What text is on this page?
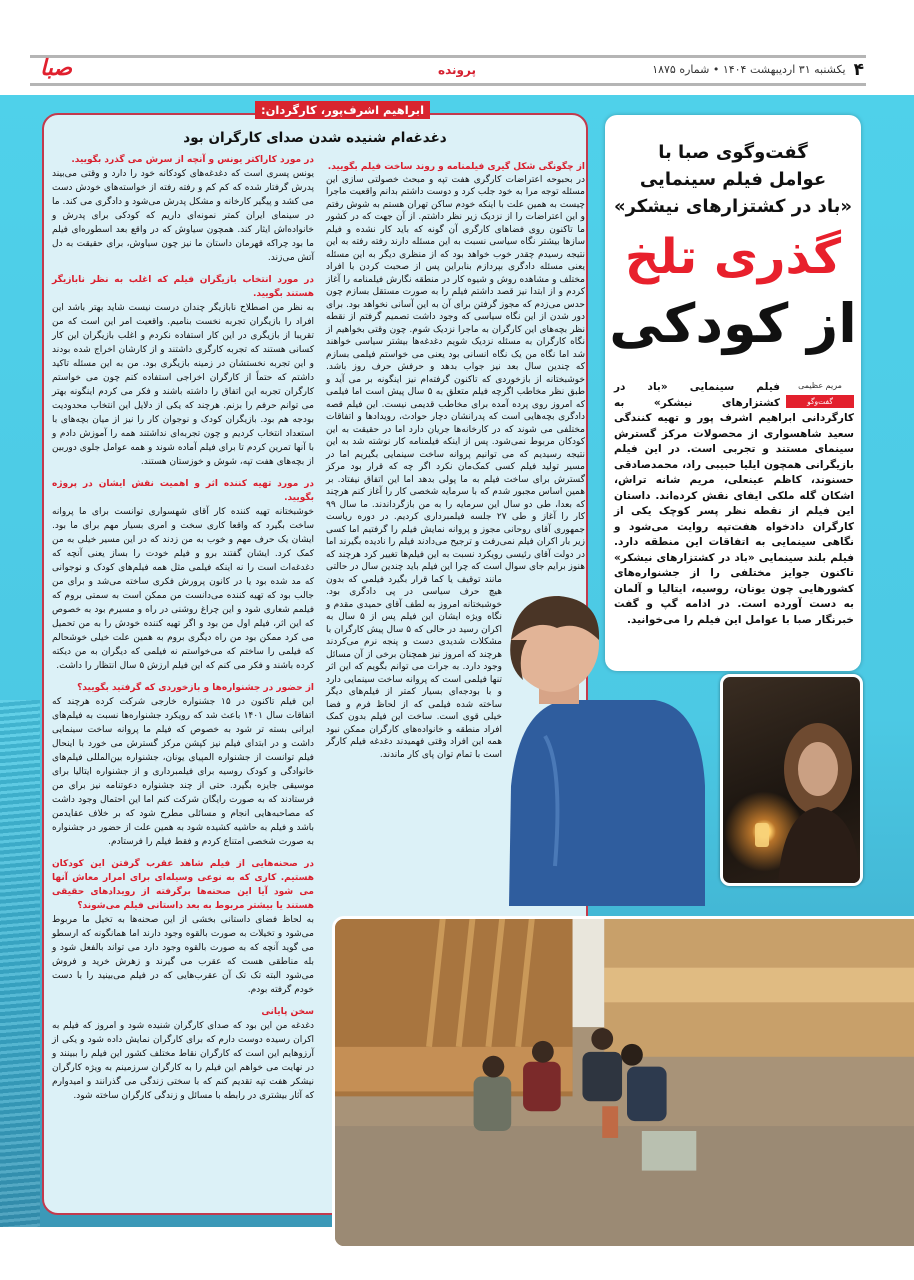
۴
یکشنبه ۳۱ اردیبهشت ۱۴۰۴ • شماره ۱۸۷۵
پرونده
صبا
ابراهیم اشرف‌پور، کارگردان:
دغدغه‌ام شنیده شدن صدای کارگران بود
در مورد کاراکتر یونس و آنچه از سرش می گذرد بگویید.
یونس پسری است که دغدغه‌های کودکانه خود را دارد و وقتی می‌بیند پدرش گرفتار شده که کم کم و رفته رفته از خواسته‌های خودش دست می کشد و پیگیر کارخانه و مشکل پدرش می‌شود و دادگری می کند. ما در سینمای ایران کمتر نمونه‌ای داریم که کودکی برای پدرش و خانواده‌اش ایثار کند. همچون سیاوش که در واقع بعد اسطوره‌ای فیلم ما بود چراکه قهرمان داستان ما نیز چون سیاوش، برای حقیقت به دل آتش می‌زند.
در مورد انتخاب بازیگران فیلم که اغلب به نظر نابازیگر هستند بگویید.
به نظر من اصطلاح نابازیگر چندان درست نیست شاید بهتر باشد این افراد را بازیگران تجربه نخست بنامیم. واقعیت امر این است که من تقریبا از بازیگری در این کار استفاده نکردم و اغلب بازیگران این کار کسانی هستند که تجربه کارگری داشتند و از کارشان اخراج شده بودند و این تجربه نخستشان در زمینه بازیگری بود. من به این مسئله تاکید داشتم که حتماً از کارگران اخراجی استفاده کنم چون می خواستم کارگران تجربه این اتفاق را داشته باشند و فکر می کردم اینگونه بهتر می توانم حرفم را بزنم. هرچند که یکی از دلایل این انتخاب محدودیت بودجه هم بود. بازیگران کودک و نوجوان کار را نیز از میان بچه‌های با استعداد انتخاب کردیم و چون تجربه‌ای نداشتند همه را آموزش دادم و با آنها تمرین کردم تا برای فیلم آماده شوند و همه عوامل جلوی دوربین از بچه‌های هفت تپه، شوش و خوزستان هستند.
در مورد تهیه کننده اثر و اهمیت نقش ایشان در پروژه بگویید.
خوشبختانه تهیه کننده کار آقای شهسواری توانست برای ما پروانه ساخت بگیرد که واقعا کاری سخت و امری بسیار مهم برای ما بود. ایشان یک حرف مهم و خوب به من زدند که در این مسیر خیلی به من کمک کرد. ایشان گفتند برو و فیلم خودت را بساز یعنی آنچه که دغدغه‌ات است را نه اینکه فیلمی مثل همه فیلم‌های کودک و نوجوانی که مد شده بود یا در کانون پرورش فکری ساخته می‌شد و برای من جالب بود که تهیه کننده می‌دانست من ممکن است به سمتی بروم که فیلمم شعاری شود و این چراغ روشنی در راه و مسیرم بود به خصوص که این اثر، فیلم اول من بود و اگر تهیه کننده خودش را به من تحمیل می کرد ممکن بود من راه دیگری بروم به همین علت خیلی خوشحالم که فیلمی را ساختم که می‌خواستم نه فیلمی که دیگران به من دیکته کرده باشند و فکر می کنم که این فیلم ارزش ۵ سال انتظار را داشت.
از حضور در جشنواره‌ها و بازخوردی که گرفتید بگویید؟
این فیلم تاکنون در ۱۵ جشنواره خارجی شرکت کرده هرچند که اتفاقات سال ۱۴۰۱ باعث شد که رویکرد جشنواره‌ها نسبت به فیلم‌های ایرانی بسته تر شود به خصوص که فیلم ما پروانه ساخت سینمایی داشت و در ابتدای فیلم نیز کپشن مرکز گسترش می خورد با اینحال فیلم توانست از جشنواره المپیای یونان، جشنواره بین‌المللی فیلم‌های خانوادگی و کودک روسیه برای فیلمبرداری و از جشنواره ایتالیا برای موسیقی جایزه بگیرد. حتی از چند جشنواره دعوتنامه نیز برای من فرستادند که به صورت رایگان شرکت کنم اما این احتمال وجود داشت که مصاحبه‌هایی انجام و مسائلی مطرح شود که بر خلاف عقایدمن باشد و فیلم به حاشیه کشیده شود به همین علت از حضور در جشنواره به صورت شخصی امتناع کردم و فقط فیلم را فرستادم.
در صحنه‌هایی از فیلم شاهد عقرب گرفتن این کودکان هستیم. کاری که به نوعی وسیله‌ای برای امرار معاش آنها می شود آیا این صحنه‌ها برگرفته از رویدادهای حقیقی هستند یا بیشتر مربوط به بعد داستانی فیلم می‌شوند؟
به لحاظ فضای داستانی بخشی از این صحنه‌ها به تخیل ما مربوط می‌شود و تخیلات به صورت بالقوه وجود دارند اما همانگونه که ارسطو می گوید آنچه که به صورت بالقوه وجود دارد می تواند بالفعل شود و بله مناطقی هست که عقرب می گیرند و زهرش خرید و فروش می‌شود البته تک تک آن عقرب‌هایی که در فیلم می‌بینید را با دست خودم گرفته بودم.
سخن پایانی
دغدغه من این بود که صدای کارگران شنیده شود و امروز که فیلم به اکران رسیده دوست دارم که برای کارگران نمایش داده شود و یکی از آرزوهایم این است که کارگران نقاط مختلف کشور این فیلم را ببینند و در نهایت می خواهم این فیلم را به کارگران سرزمینم به ویژه کارگران نیشکر هفت تپه تقدیم کنم که با سختی زندگی می گذرانند و امیدوارم که آثار بیشتری در رابطه با مسائل و زندگی کارگران ساخته شود.
از چگونگی شکل گیری فیلمنامه و روند ساخت فیلم بگویید.
در بحبوحه اعتراضات کارگری هفت تپه و مبحث خصولتی سازی این مسئله توجه مرا به خود جلب کرد و دوست داشتم بدانم واقعیت ماجرا چیست به همین علت با اینکه خودم ساکن تهران هستم به شوش رفتم و این اعتراضات را از نزدیک زیر نظر داشتم. از آن جهت که در کشور ما تاکنون روی فضاهای کارگری آن گونه که باید کار نشده و فیلم سازها بیشتر نگاه سیاسی نسبت به این مسئله دارند رفته رفته به این نتیجه رسیدم چقدر خوب خواهد بود که از منظری دیگر به این مسئله یعنی مسئله دادگری بپردازم بنابراین پس از صحبت کردن با افراد مختلف و مشاهده روش و شیوه کار در منطقه نگارش فیلمنامه را آغاز کردم و از ابتدا نیز قصد داشتم فیلم را به صورت مستقل بسازم چون حدس می‌زدم که مجوز گرفتن برای آن به این آسانی نخواهد بود. برای دور شدن از این نگاه سیاسی که وجود داشت تصمیم گرفتم از نقطه نظر بچه‌های این کارگران به ماجرا نزدیک شوم. چون وقتی بخواهیم از نگاه کارگران به مسئله نزدیک شویم دغدغه‌ها بیشتر سیاسی خواهند شد اما نگاه من یک نگاه انسانی بود یعنی می خواستم فیلمی بسازم که چندین سال بعد نیز جواب بدهد و حرفش حرف روز باشد. خوشبختانه از بازخوردی که تاکنون گرفته‌ام نیز اینگونه بر می آید و طبق نظر مخاطب اگرچه فیلم متعلق به ۵ سال پیش است اما فیلمی که امروز روی پرده آمده برای مخاطب قدیمی نیست. این فیلم قصه دادگری بچه‌هایی است که پدرانشان دچار حوادث، رویدادها و اتفاقات مختلفی می شوند که در کارخانه‌ها جریان دارد اما در حقیقت به این کودکان مربوط نمی‌شود. پس از اینکه فیلمنامه کار نوشته شد به این نتیجه رسیدیم که می توانیم پروانه ساخت سینمایی بگیریم اما در مسیر تولید فیلم کسی کمک‌مان نکرد اگر چه که قرار بود مرکز گسترش برای ساخت فیلم به ما پولی بدهد اما این اتفاق نیفتاد. بر همین اساس مجبور شدم که با سرمایه شخصی کار را آغاز کنم هرچند که بعدا، طی دو سال این سرمایه را به من بازگرداندند. ما سال ۹۹ کار را آغاز و طی ۲۷ جلسه فیلمبرداری کردیم. در دوره ریاست جمهوری آقای روحانی مجوز و پروانه نمایش فیلم را گرفتیم اما کسی زیر بار اکران فیلم نمی‌رفت و ترجیح می‌دادند فیلم را نادیده بگیرند اما در دولت آقای رئیسی رویکرد نسبت به این فیلم‌ها تغییر کرد هرچند که هنوز برایم جای سوال است که چرا این فیلم باید چندین سال در حالتی مانند توقیف یا کما قرار بگیرد فیلمی که بدون هیچ حرف سیاسی در پی دادگری بود. خوشبختانه امروز به لطف آقای حمیدی مقدم و نگاه ویژه ایشان این فیلم پس از ۵ سال به اکران رسید در حالی که ۵ سال پیش کارگران با مشکلات شدیدی دست و پنجه نرم می‌کردند هرچند که امروز نیز همچنان برخی از آن مسائل وجود دارد. به جرات می توانم بگویم که این اثر تنها فیلمی است که پروانه ساخت سینمایی دارد و با بودجه‌ای بسیار کمتر از فیلم‌های دیگر ساخته شده فیلمی که از لحاظ فرم و فضا خیلی قوی است. ساخت این فیلم بدون کمک افراد منطقه و خانواده‌های کارگران ممکن نبود همه این افراد وقتی فهمیدند دغدغه فیلم کارگر است با تمام توان پای کار ماندند.
گفت‌وگوی صبا با
عوامل فیلم سینمایی
«باد در کشتزارهای نیشکر»
گذری تلخ
از کودکی
مریم عظیمی
گفت‌وگو
فیلم سینمایی «باد در کشتزارهای نیشکر» به کارگردانی ابراهیم اشرف پور و تهیه کنندگی سعید شاهسواری از محصولات مرکز گسترش سینمای مستند و تجربی است. در این فیلم بازیگرانی همچون ایلیا حبیبی راد، محمدصادقی حسنوند، کاظم عینعلی، مریم شانه تراش، اشکان گله ملکی ایفای نقش کرده‌اند. داستان این فیلم از نقطه نظر پسر کوچک یکی از کارگران دادخواه هفت‌تپه روایت می‌شود و نگاهی سینمایی به اتفاقات این منطقه دارد. فیلم بلند سینمایی «باد در کشتزارهای نیشکر» تاکنون جوایز مختلفی را از جشنواره‌های کشورهایی چون یونان، روسیه، ایتالیا و آلمان به دست آورده است. در ادامه گپ و گفت خبرنگار صبا با عوامل این فیلم را می‌خوانید.
